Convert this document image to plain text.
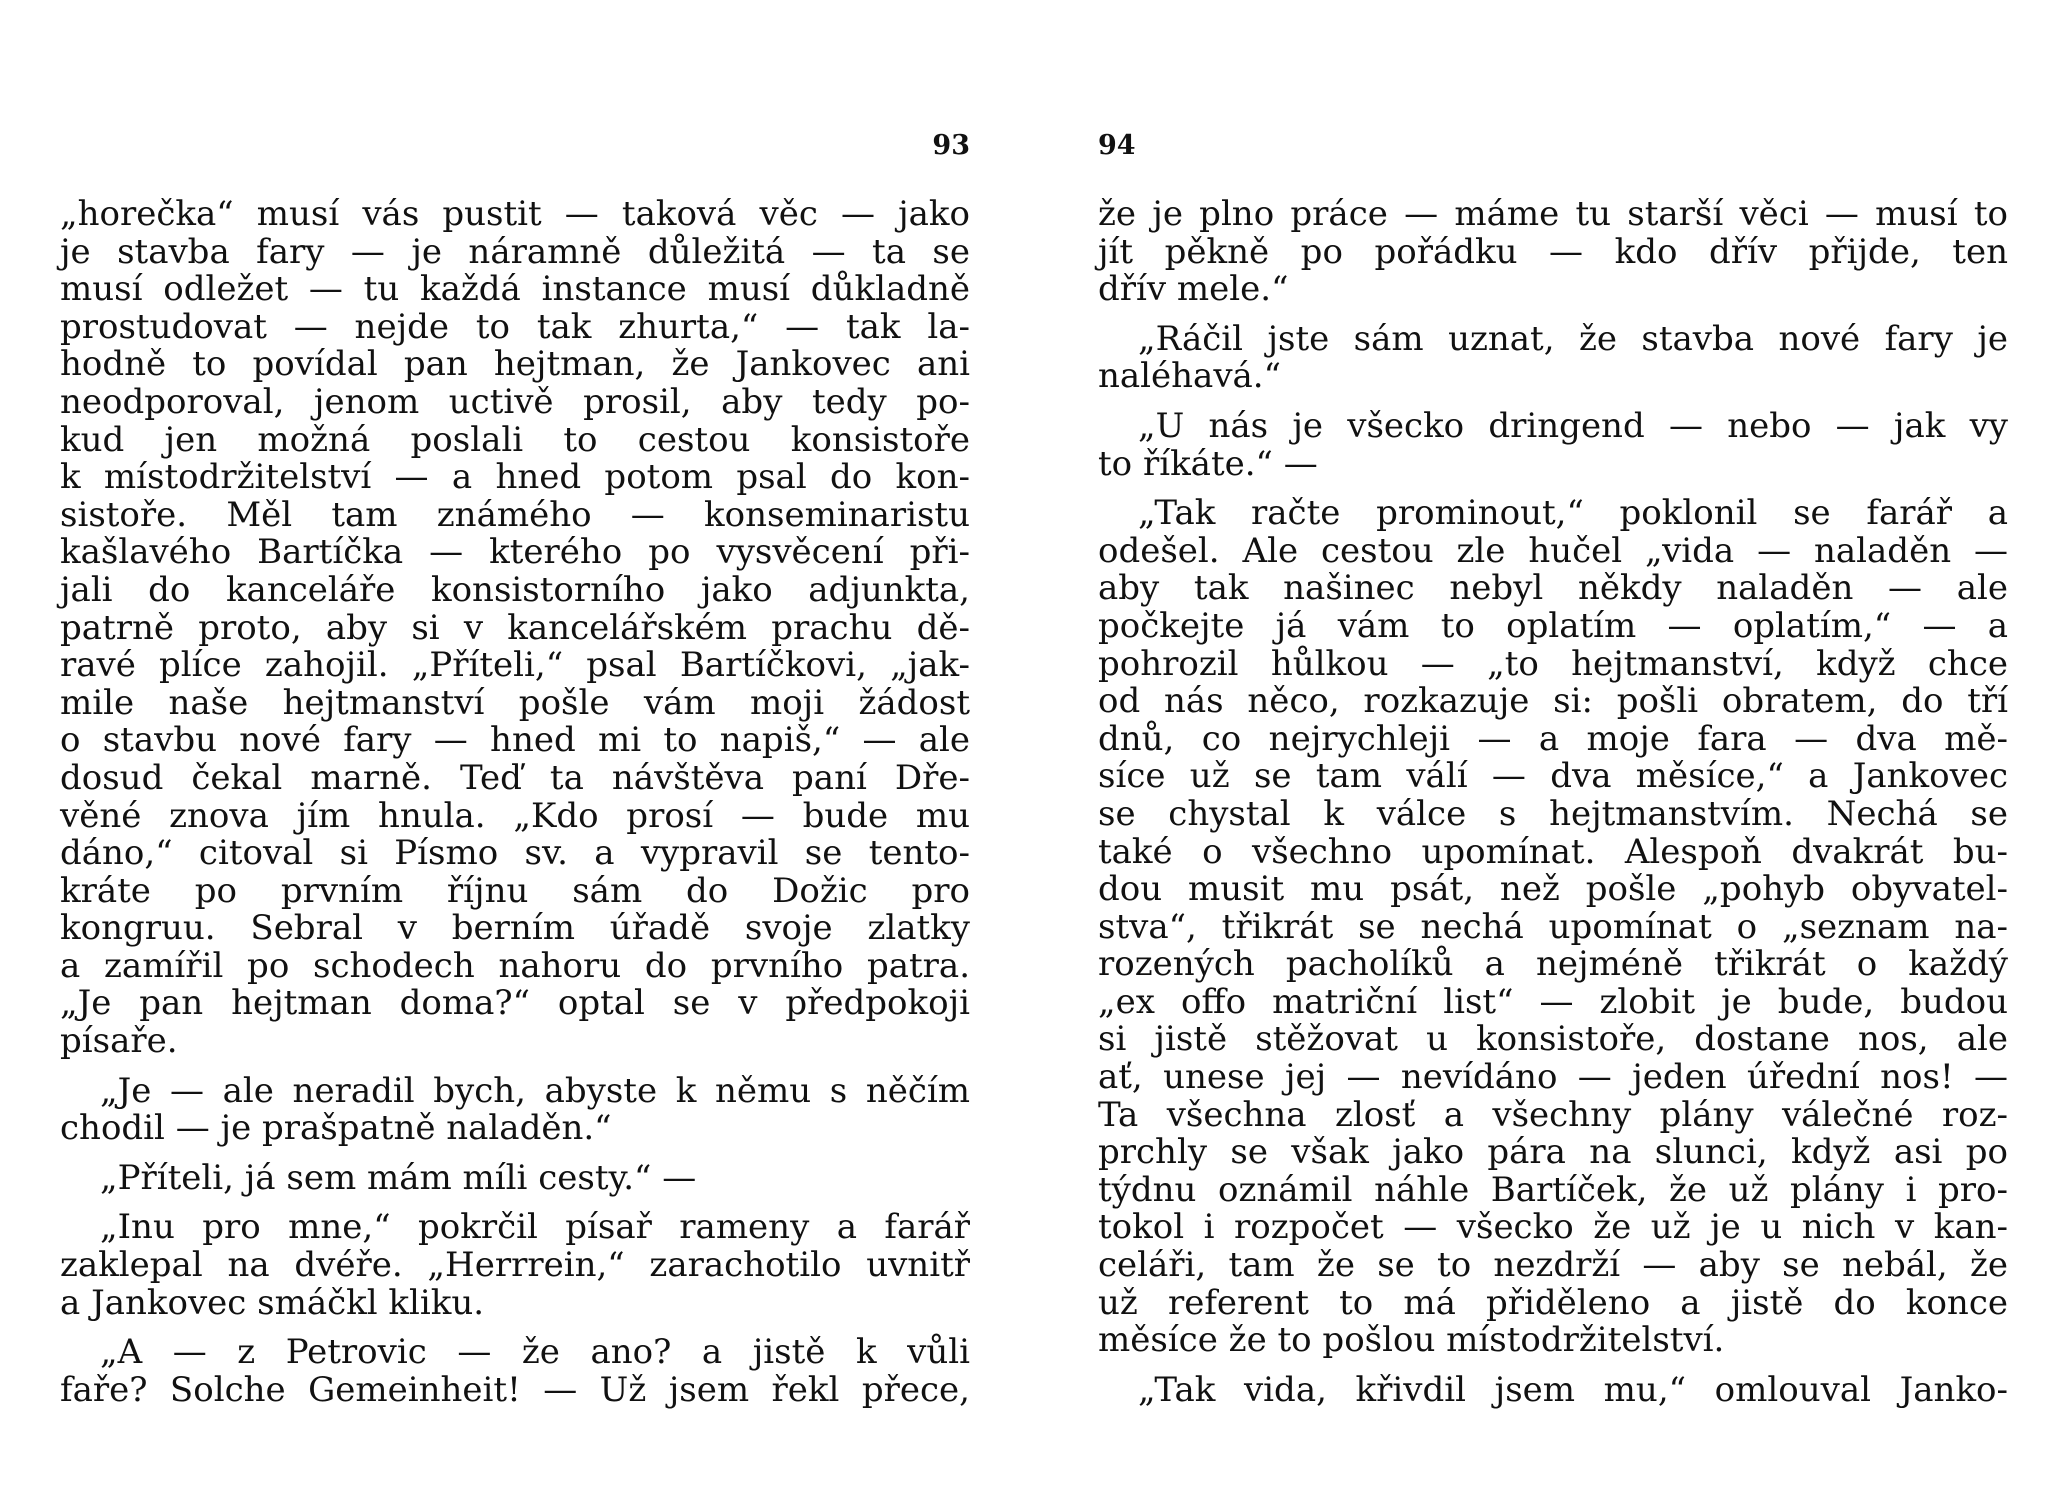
93
„horečka“ musí vás pustit — taková věc — jako
je stavba fary — je náramně důležitá — ta se
musí odležet — tu každá instance musí důkladně
prostudovat — nejde to tak zhurta,“ — tak la-
hodně to povídal pan hejtman, že Jankovec ani
neodporoval, jenom uctivě prosil, aby tedy po-
kud jen možná poslali to cestou konsistoře
k místodržitelství — a hned potom psal do kon-
sistoře. Měl tam známého — konseminaristu
kašlavého Bartíčka — kterého po vysvěcení při-
jali do kanceláře konsistorního jako adjunkta,
patrně proto, aby si v kancelářském prachu dě-
ravé plíce zahojil. „Příteli,“ psal Bartíčkovi, „jak-
mile naše hejtmanství pošle vám moji žádost
o stavbu nové fary — hned mi to napiš,“ — ale
dosud čekal marně. Teď ta návštěva paní Dře-
věné znova jím hnula. „Kdo prosí — bude mu
dáno,“ citoval si Písmo sv. a vypravil se tento-
kráte po prvním říjnu sám do Dožic pro
kongruu. Sebral v berním úřadě svoje zlatky
a zamířil po schodech nahoru do prvního patra.
„Je pan hejtman doma?“ optal se v předpokoji
písaře.
„Je — ale neradil bych, abyste k němu s něčím
chodil — je prašpatně naladěn.“
„Příteli, já sem mám míli cesty.“ —
„Inu pro mne,“ pokrčil písař rameny a farář
zaklepal na dvéře. „Herrrein,“ zarachotilo uvnitř
a Jankovec smáčkl kliku.
„A — z Petrovic — že ano? a jistě k vůli
faře? Solche Gemeinheit! — Už jsem řekl přece,
94
že je plno práce — máme tu starší věci — musí to
jít pěkně po pořádku — kdo dřív přijde, ten
dřív mele.“
„Ráčil jste sám uznat, že stavba nové fary je
naléhavá.“
„U nás je všecko dringend — nebo — jak vy
to říkáte.“ —
„Tak račte prominout,“ poklonil se farář a
odešel. Ale cestou zle hučel „vida — naladěn —
aby tak našinec nebyl někdy naladěn — ale
počkejte já vám to oplatím — oplatím,“ — a
pohrozil hůlkou — „to hejtmanství, když chce
od nás něco, rozkazuje si: pošli obratem, do tří
dnů, co nejrychleji — a moje fara — dva mě-
síce už se tam válí — dva měsíce,“ a Jankovec
se chystal k válce s hejtmanstvím. Nechá se
také o všechno upomínat. Alespoň dvakrát bu-
dou musit mu psát, než pošle „pohyb obyvatel-
stva“, třikrát se nechá upomínat o „seznam na-
rozených pacholíků a nejméně třikrát o každý
„ex offo matriční list“ — zlobit je bude, budou
si jistě stěžovat u konsistoře, dostane nos, ale
ať, unese jej — nevídáno — jeden úřední nos! —
Ta všechna zlosť a všechny plány válečné roz-
prchly se však jako pára na slunci, když asi po
týdnu oznámil náhle Bartíček, že už plány i pro-
tokol i rozpočet — všecko že už je u nich v kan-
celáři, tam že se to nezdrží — aby se nebál, že
už referent to má přiděleno a jistě do konce
měsíce že to pošlou místodržitelství.
„Tak vida, křivdil jsem mu,“ omlouval Janko-
